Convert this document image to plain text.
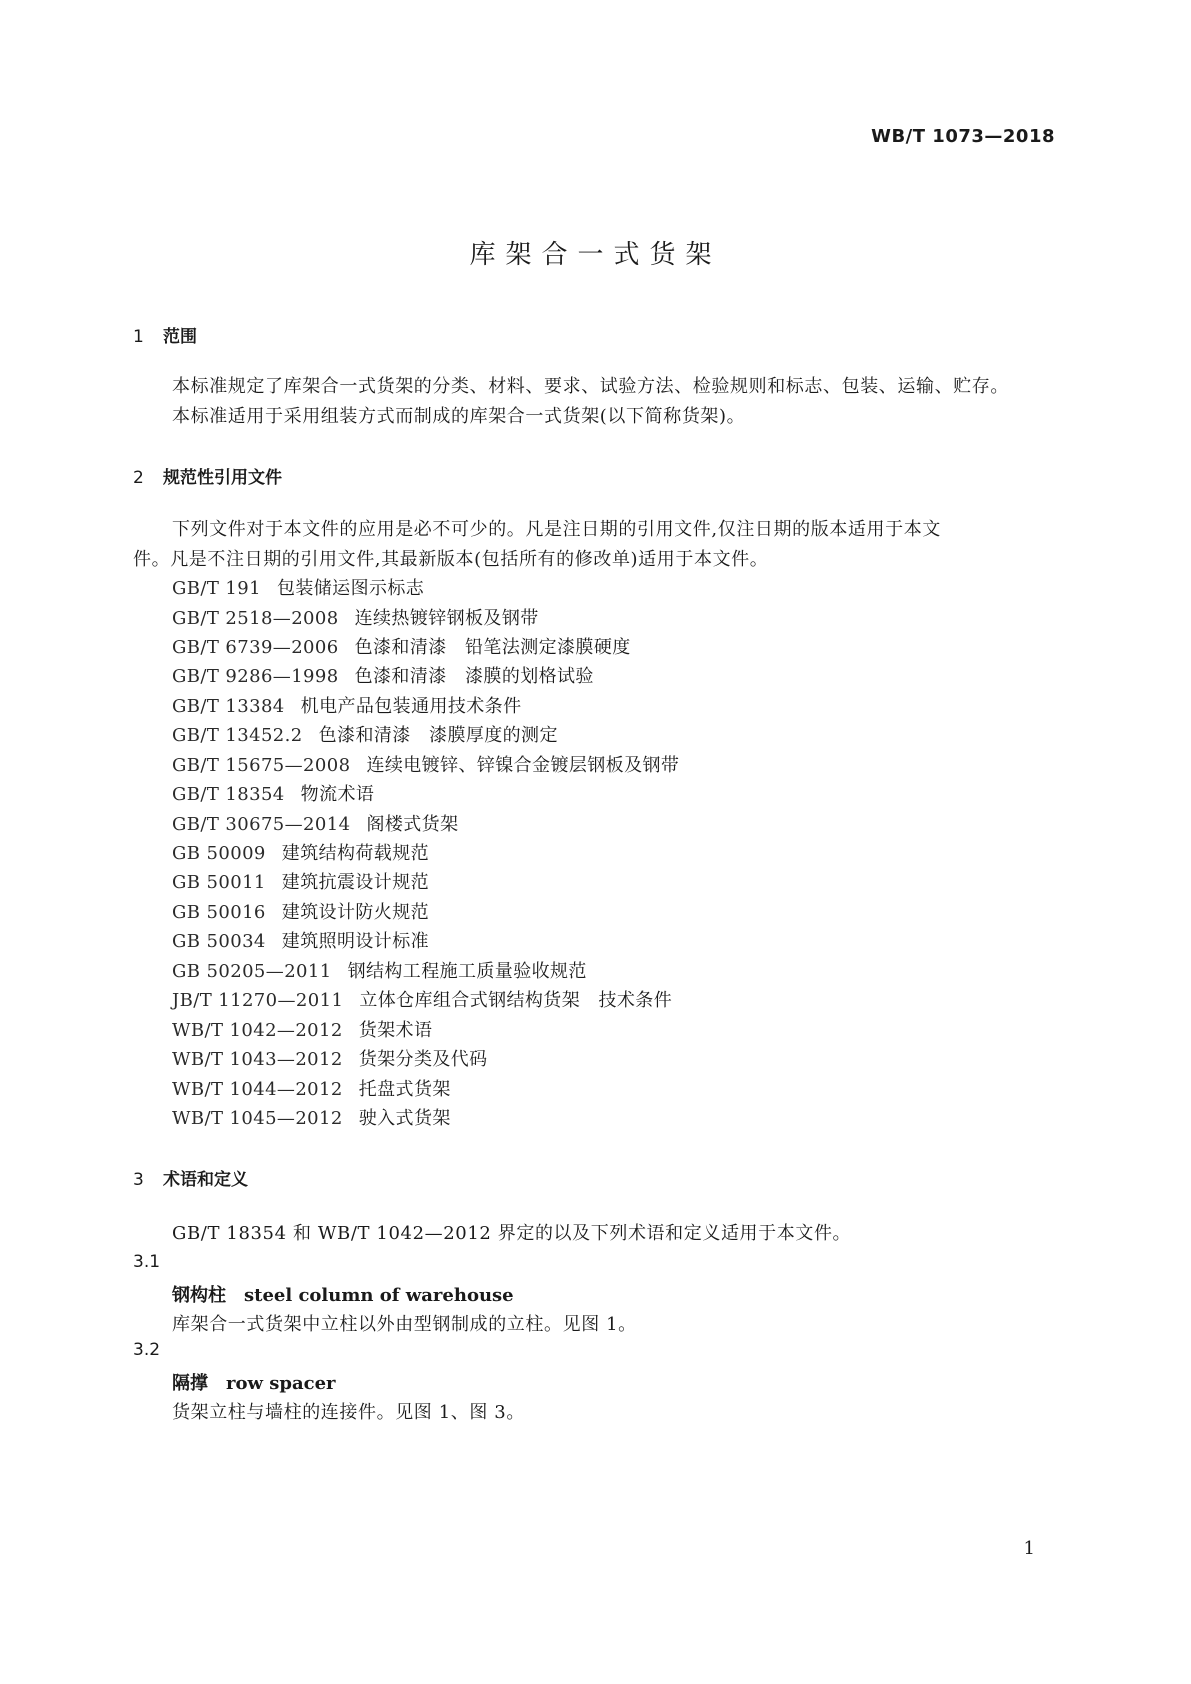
WB/T 1073—2018
库架合一式货架
1 范围
本标准规定了库架合一式货架的分类、材料、要求、试验方法、检验规则和标志、包装、运输、贮存。
本标准适用于采用组装方式而制成的库架合一式货架(以下简称货架)。
2 规范性引用文件
下列文件对于本文件的应用是必不可少的。凡是注日期的引用文件,仅注日期的版本适用于本文
件。凡是不注日期的引用文件,其最新版本(包括所有的修改单)适用于本文件。
GB/T 191 包装储运图示标志
GB/T 2518—2008 连续热镀锌钢板及钢带
GB/T 6739—2006 色漆和清漆　铅笔法测定漆膜硬度
GB/T 9286—1998 色漆和清漆　漆膜的划格试验
GB/T 13384 机电产品包装通用技术条件
GB/T 13452.2 色漆和清漆　漆膜厚度的测定
GB/T 15675—2008 连续电镀锌、锌镍合金镀层钢板及钢带
GB/T 18354 物流术语
GB/T 30675—2014 阁楼式货架
GB 50009 建筑结构荷载规范
GB 50011 建筑抗震设计规范
GB 50016 建筑设计防火规范
GB 50034 建筑照明设计标准
GB 50205—2011 钢结构工程施工质量验收规范
JB/T 11270—2011 立体仓库组合式钢结构货架　技术条件
WB/T 1042—2012 货架术语
WB/T 1043—2012 货架分类及代码
WB/T 1044—2012 托盘式货架
WB/T 1045—2012 驶入式货架
3 术语和定义
GB/T 18354 和 WB/T 1042—2012 界定的以及下列术语和定义适用于本文件。
3.1
钢构柱 steel column of warehouse
库架合一式货架中立柱以外由型钢制成的立柱。见图 1。
3.2
隔撑 row spacer
货架立柱与墙柱的连接件。见图 1、图 3。
1
